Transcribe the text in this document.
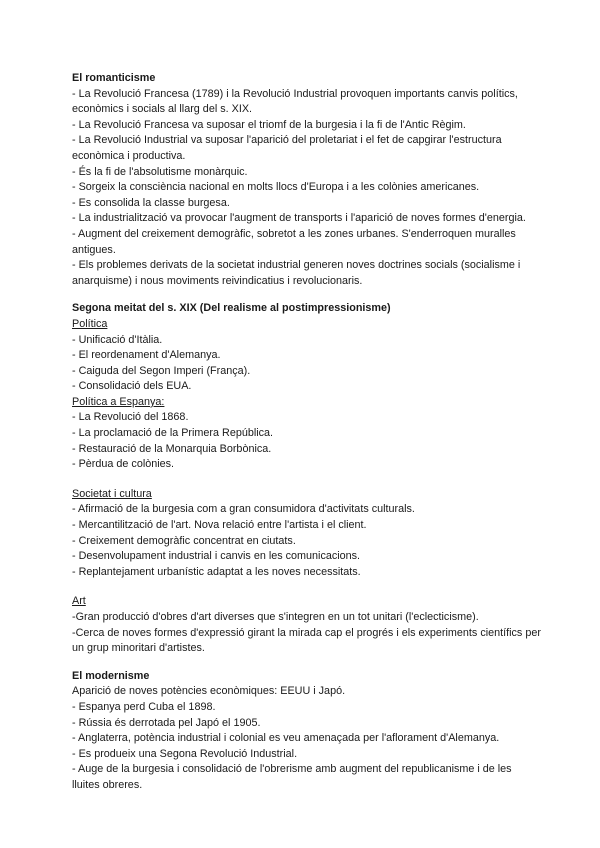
El romanticisme
- La Revolució Francesa (1789) i la Revolució Industrial provoquen importants canvis polítics, econòmics i socials al llarg del s. XIX.
- La Revolució Francesa va suposar el triomf de la burgesia i la fi de l'Antic Règim.
- La Revolució Industrial va suposar l'aparició del proletariat i el fet de capgirar l'estructura econòmica i productiva.
- És la fi de l'absolutisme monàrquic.
- Sorgeix la consciència nacional en molts llocs d'Europa i a les colònies americanes.
- Es consolida la classe burgesa.
- La industrialització va provocar l'augment de transports i l'aparició de noves formes d'energia.
- Augment del creixement demogràfic, sobretot a les zones urbanes. S'enderroquen muralles antigues.
- Els problemes derivats de la societat industrial generen noves doctrines socials (socialisme i anarquisme) i nous moviments reivindicatius i revolucionaris.
Segona meitat del s. XIX (Del realisme al postimpressionisme)

Política

- Unificació d'Itàlia.
- El reordenament d'Alemanya.
- Caiguda del Segon Imperi (França).
- Consolidació dels EUA.

Política a Espanya:

- La Revolució del 1868.
- La proclamació de la Primera República.
- Restauració de la Monarquia Borbònica.
- Pèrdua de colònies.

Societat i cultura

- Afirmació de la burgesia com a gran consumidora d'activitats culturals.
- Mercantilització de l'art. Nova relació entre l'artista i el client.
- Creixement demogràfic concentrat en ciutats.
- Desenvolupament industrial i canvis en les comunicacions.
- Replantejament urbanístic adaptat a les noves necessitats.

Art

-Gran producció d'obres d'art diverses que s'integren en un tot unitari (l'eclecticisme).
-Cerca de noves formes d'expressió girant la mirada cap el progrés i els experiments científics per un grup minoritari d'artistes.
El modernisme

Aparició de noves potències econòmiques: EEUU i Japó.

- Espanya perd Cuba el 1898.
- Rússia és derrotada pel Japó el 1905.
- Anglaterra, potència industrial i colonial es veu amenaçada per l'aflorament d'Alemanya.
- Es produeix una Segona Revolució Industrial.
- Auge de la burgesia i consolidació de l'obrerisme amb augment del republicanisme i de les lluites obreres.
